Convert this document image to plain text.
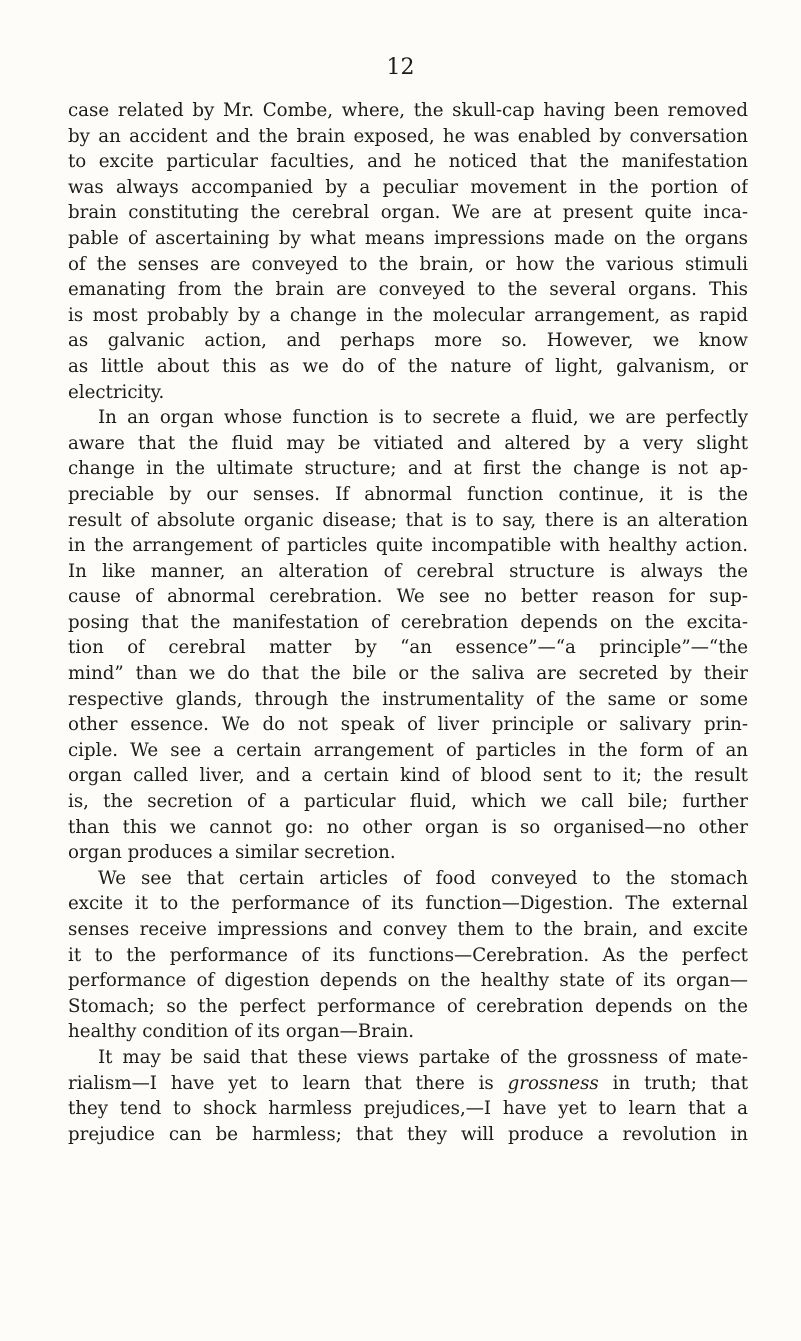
12
case related by Mr. Combe, where, the skull-cap having been removed
by an accident and the brain exposed, he was enabled by conversation
to excite particular faculties, and he noticed that the manifestation
was always accompanied by a peculiar movement in the portion of
brain constituting the cerebral organ. We are at present quite inca-
pable of ascertaining by what means impressions made on the organs
of the senses are conveyed to the brain, or how the various stimuli
emanating from the brain are conveyed to the several organs. This
is most probably by a change in the molecular arrangement, as rapid
as galvanic action, and perhaps more so. However, we know
as little about this as we do of the nature of light, galvanism, or
electricity.
In an organ whose function is to secrete a fluid, we are perfectly
aware that the fluid may be vitiated and altered by a very slight
change in the ultimate structure; and at first the change is not ap-
preciable by our senses. If abnormal function continue, it is the
result of absolute organic disease; that is to say, there is an alteration
in the arrangement of particles quite incompatible with healthy action.
In like manner, an alteration of cerebral structure is always the
cause of abnormal cerebration. We see no better reason for sup-
posing that the manifestation of cerebration depends on the excita-
tion of cerebral matter by “an essence”—“a principle”—“the
mind” than we do that the bile or the saliva are secreted by their
respective glands, through the instrumentality of the same or some
other essence. We do not speak of liver principle or salivary prin-
ciple. We see a certain arrangement of particles in the form of an
organ called liver, and a certain kind of blood sent to it; the result
is, the secretion of a particular fluid, which we call bile; further
than this we cannot go: no other organ is so organised—no other
organ produces a similar secretion.
We see that certain articles of food conveyed to the stomach
excite it to the performance of its function—Digestion. The external
senses receive impressions and convey them to the brain, and excite
it to the performance of its functions—Cerebration. As the perfect
performance of digestion depends on the healthy state of its organ—
Stomach; so the perfect performance of cerebration depends on the
healthy condition of its organ—Brain.
It may be said that these views partake of the grossness of mate-
rialism—I have yet to learn that there is grossness in truth; that
they tend to shock harmless prejudices,—I have yet to learn that a
prejudice can be harmless; that they will produce a revolution in
